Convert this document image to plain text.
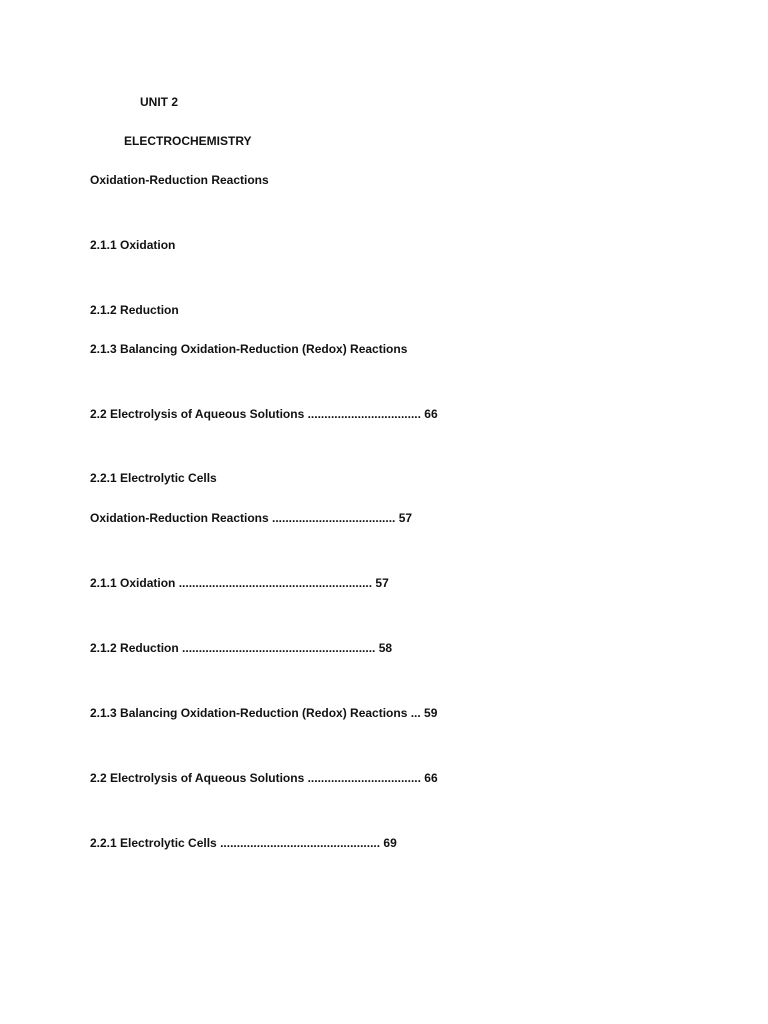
UNIT 2
ELECTROCHEMISTRY
Oxidation-Reduction Reactions
2.1.1 Oxidation
2.1.2 Reduction
2.1.3 Balancing Oxidation-Reduction (Redox) Reactions
2.2 Electrolysis of Aqueous Solutions .................................. 66
2.2.1 Electrolytic Cells
Oxidation-Reduction Reactions ..................................... 57
2.1.1 Oxidation .......................................................... 57
2.1.2 Reduction .......................................................... 58
2.1.3 Balancing Oxidation-Reduction (Redox) Reactions ... 59
2.2 Electrolysis of Aqueous Solutions .................................. 66
2.2.1 Electrolytic Cells ................................................ 69
